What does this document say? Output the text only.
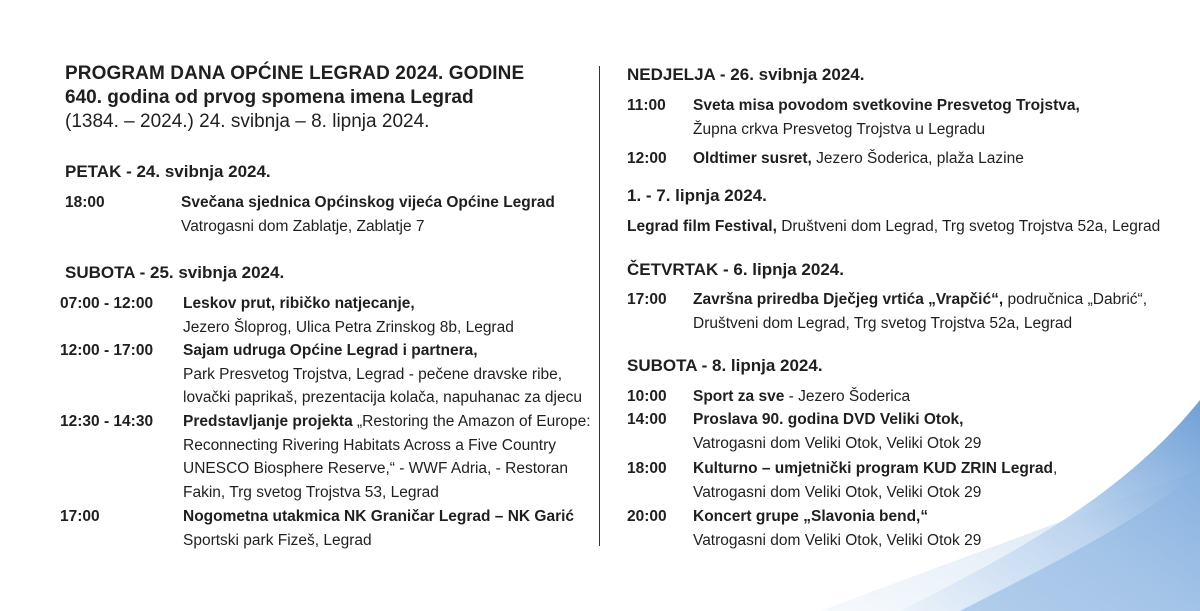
PROGRAM DANA OPĆINE LEGRAD 2024. GODINE
640. godina od prvog spomena imena Legrad
(1384. – 2024.) 24. svibnja – 8. lipnja 2024.
PETAK - 24. svibnja 2024.
18:00	Svečana sjednica Općinskog vijeća Općine Legrad
Vatrogasni dom Zablatje, Zablatje 7
SUBOTA - 25. svibnja 2024.
07:00 - 12:00 Leskov prut, ribičko natjecanje,
Jezero Šloprog, Ulica Petra Zrinskog 8b, Legrad
12:00 - 17:00 Sajam udruga Općine Legrad i partnera,
Park Presvetog Trojstva, Legrad - pečene dravske ribe,
lovački paprikaš, prezentacija kolača, napuhanac za djecu
12:30 - 14:30 Predstavljanje projekta „Restoring the Amazon of Europe:
Reconnecting Rivering Habitats Across a Five Country
UNESCO Biosphere Reserve,“ - WWF Adria, - Restoran
Fakin, Trg svetog Trojstva 53, Legrad
17:00	Nogometna utakmica NK Graničar Legrad – NK Garić
Sportski park Fizeš, Legrad
NEDJELJA - 26. svibnja 2024.
11:00 Sveta misa povodom svetkovine Presvetog Trojstva,
Župna crkva Presvetog Trojstva u Legradu
12:00 Oldtimer susret, Jezero Šoderica, plaža Lazine
1. - 7. lipnja 2024.
Legrad film Festival, Društveni dom Legrad, Trg svetog Trojstva 52a, Legrad
ČETVRTAK - 6. lipnja 2024.
17:00 Završna priredba Dječjeg vrtića „Vrapčić“, područnica „Dabrić“,
Društveni dom Legrad, Trg svetog Trojstva 52a, Legrad
SUBOTA - 8. lipnja 2024.
10:00 Sport za sve - Jezero Šoderica
14:00 Proslava 90. godina DVD Veliki Otok,
Vatrogasni dom Veliki Otok, Veliki Otok 29
18:00 Kulturno – umjetnički program KUD ZRIN Legrad,
Vatrogasni dom Veliki Otok, Veliki Otok 29
20:00 Koncert grupe „Slavonia bend,“
Vatrogasni dom Veliki Otok, Veliki Otok 29
